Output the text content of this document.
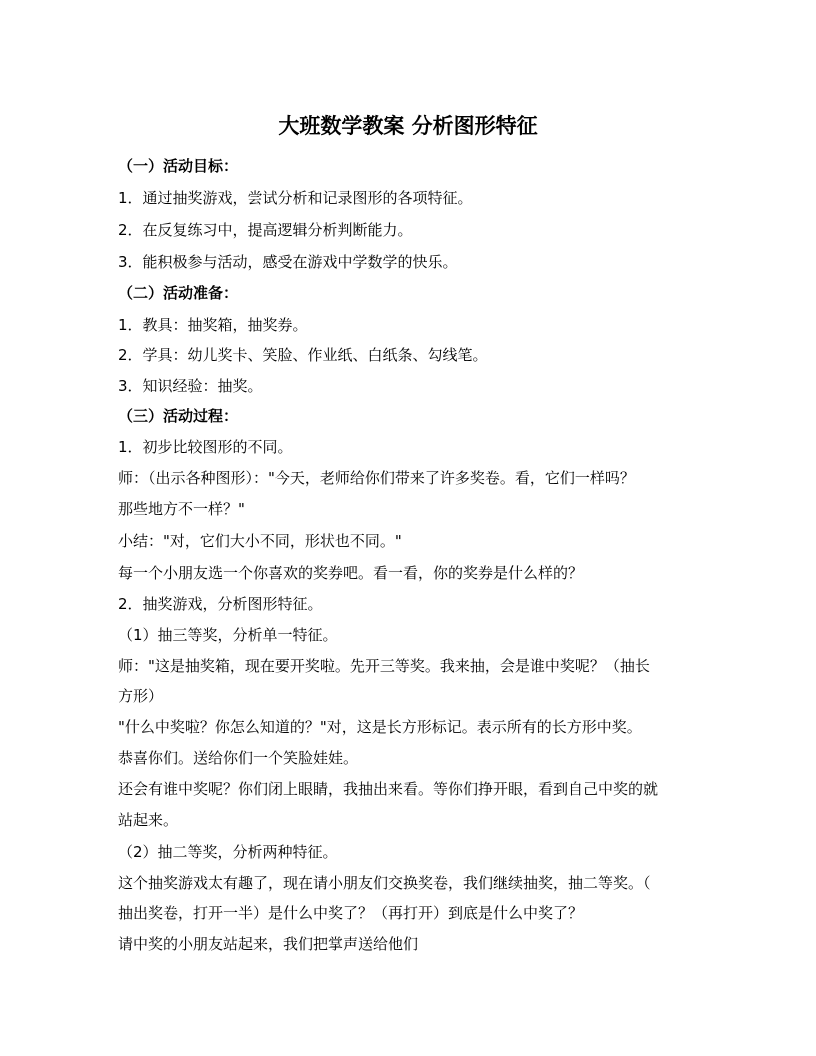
大班数学教案 分析图形特征
（一）活动目标：
1．通过抽奖游戏，尝试分析和记录图形的各项特征。
2．在反复练习中，提高逻辑分析判断能力。
3．能积极参与活动，感受在游戏中学数学的快乐。
（二）活动准备：
1．教具：抽奖箱，抽奖券。
2．学具：幼儿奖卡、笑脸、作业纸、白纸条、勾线笔。
3．知识经验：抽奖。
（三）活动过程：
1．初步比较图形的不同。
师：（出示各种图形）："今天，老师给你们带来了许多奖卷。看，它们一样吗？
那些地方不一样？"
小结："对，它们大小不同，形状也不同。"
每一个小朋友选一个你喜欢的奖券吧。看一看，你的奖券是什么样的？
2．抽奖游戏，分析图形特征。
（1）抽三等奖，分析单一特征。
师："这是抽奖箱，现在要开奖啦。先开三等奖。我来抽，会是谁中奖呢？（抽长
方形）
"什么中奖啦？你怎么知道的？"对，这是长方形标记。表示所有的长方形中奖。
恭喜你们。送给你们一个笑脸娃娃。
还会有谁中奖呢？你们闭上眼睛，我抽出来看。等你们挣开眼，看到自己中奖的就
站起来。
（2）抽二等奖，分析两种特征。
这个抽奖游戏太有趣了，现在请小朋友们交换奖卷，我们继续抽奖，抽二等奖。（
抽出奖卷，打开一半）是什么中奖了？（再打开）到底是什么中奖了？
请中奖的小朋友站起来，我们把掌声送给他们
